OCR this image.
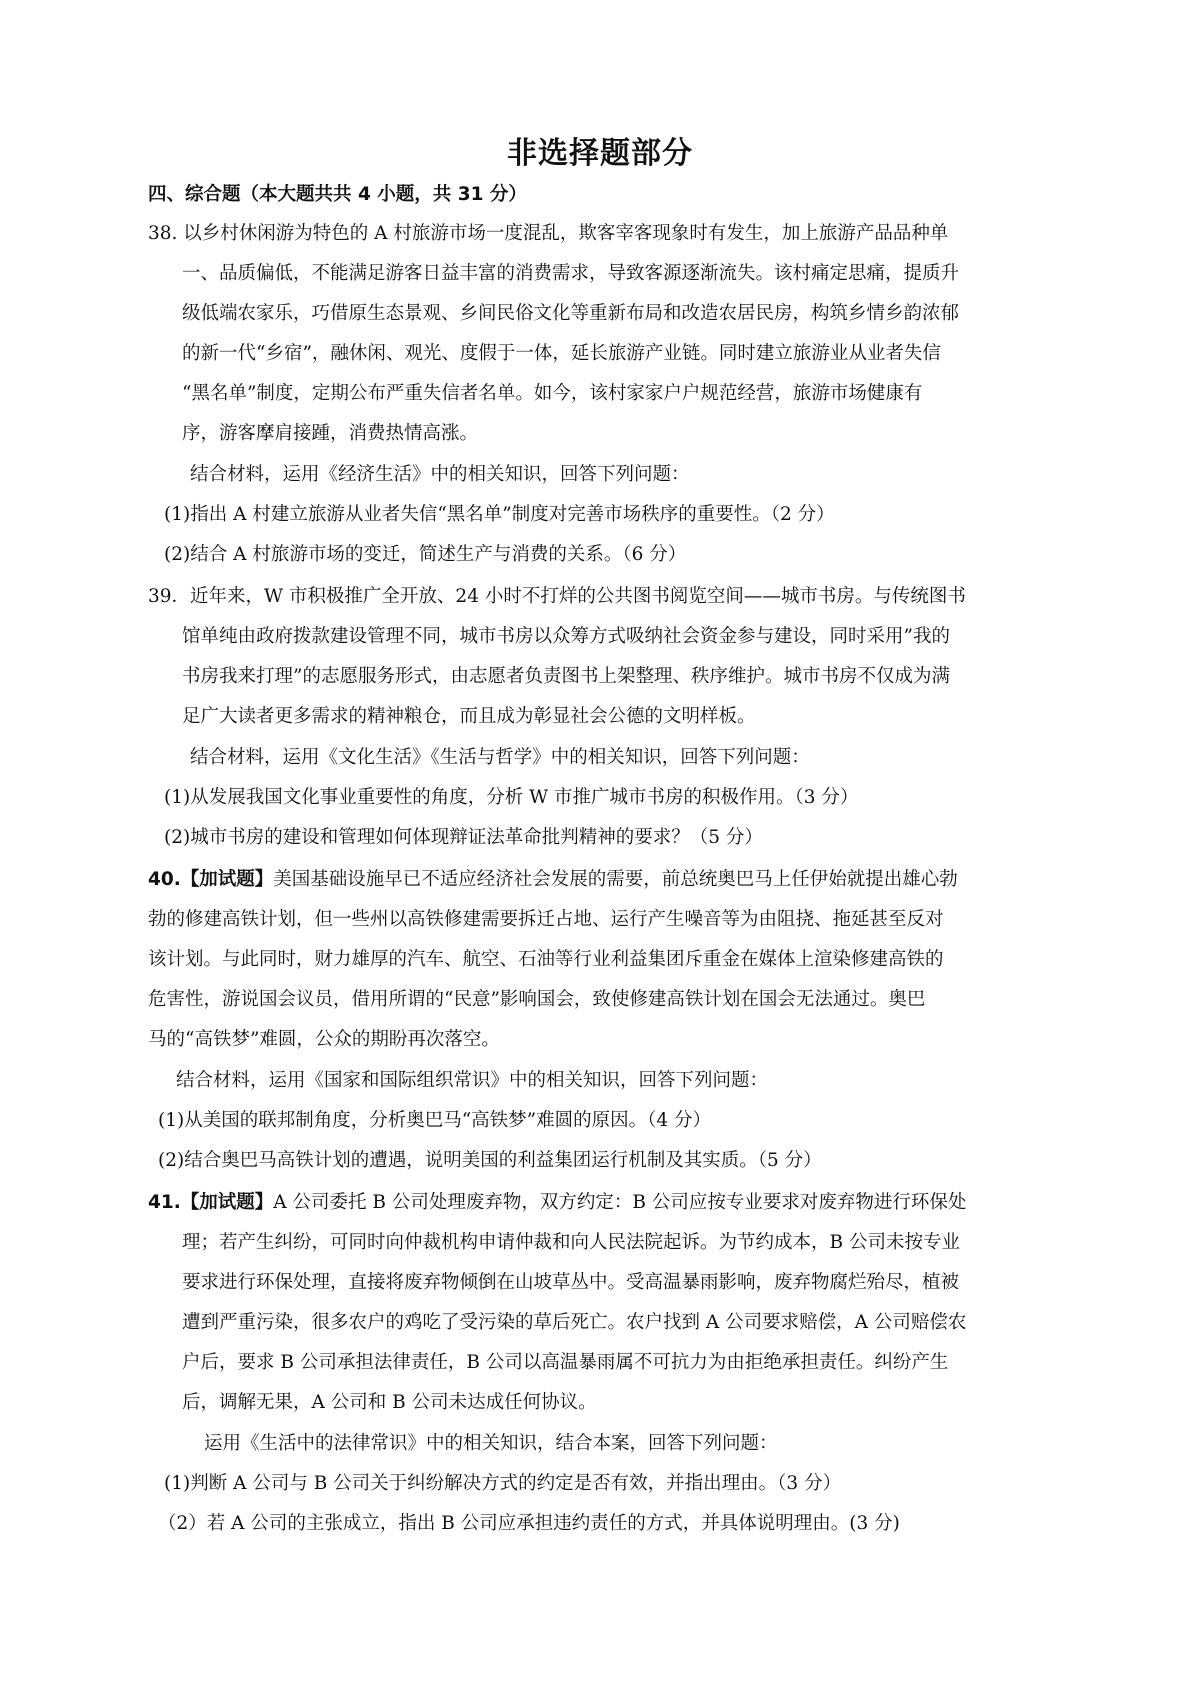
非选择题部分
四、综合题（本大题共共 4 小题，共 31 分）
38. 以乡村休闲游为特色的 A 村旅游市场一度混乱，欺客宰客现象时有发生，加上旅游产品品种单
一、品质偏低，不能满足游客日益丰富的消费需求，导致客源逐渐流失。该村痛定思痛，提质升
级低端农家乐，巧借原生态景观、乡间民俗文化等重新布局和改造农居民房，构筑乡情乡韵浓郁
的新一代“乡宿”，融休闲、观光、度假于一体，延长旅游产业链。同时建立旅游业从业者失信
“黑名单”制度，定期公布严重失信者名单。如今，该村家家户户规范经营，旅游市场健康有
序，游客摩肩接踵，消费热情高涨。
结合材料，运用《经济生活》中的相关知识，回答下列问题：
(1)指出 A 村建立旅游从业者失信“黑名单”制度对完善市场秩序的重要性。（2 分）
(2)结合 A 村旅游市场的变迁，简述生产与消费的关系。（6 分）
39．近年来，W 市积极推广全开放、24 小时不打烊的公共图书阅览空间——城市书房。与传统图书
馆单纯由政府拨款建设管理不同，城市书房以众筹方式吸纳社会资金参与建设，同时采用”我的
书房我来打理”的志愿服务形式，由志愿者负责图书上架整理、秩序维护。城市书房不仅成为满
足广大读者更多需求的精神粮仓，而且成为彰显社会公德的文明样板。
结合材料，运用《文化生活》《生活与哲学》中的相关知识，回答下列问题：
(1)从发展我国文化事业重要性的角度，分析 W 市推广城市书房的积极作用。（3 分）
(2)城市书房的建设和管理如何体现辩证法革命批判精神的要求？（5 分）
40.【加试题】美国基础设施早已不适应经济社会发展的需要，前总统奥巴马上任伊始就提出雄心勃
勃的修建高铁计划，但一些州以高铁修建需要拆迁占地、运行产生噪音等为由阻挠、拖延甚至反对
该计划。与此同时，财力雄厚的汽车、航空、石油等行业利益集团斥重金在媒体上渲染修建高铁的
危害性，游说国会议员，借用所谓的“民意”影响国会，致使修建高铁计划在国会无法通过。奥巴
马的“高铁梦”难圆，公众的期盼再次落空。
结合材料，运用《国家和国际组织常识》中的相关知识，回答下列问题：
(1)从美国的联邦制角度，分析奥巴马“高铁梦”难圆的原因。（4 分）
(2)结合奥巴马高铁计划的遭遇，说明美国的利益集团运行机制及其实质。（5 分）
41.【加试题】A 公司委托 B 公司处理废弃物，双方约定：B 公司应按专业要求对废弃物进行环保处
理；若产生纠纷，可同时向仲裁机构申请仲裁和向人民法院起诉。为节约成本，B 公司未按专业
要求进行环保处理，直接将废弃物倾倒在山坡草丛中。受高温暴雨影响，废弃物腐烂殆尽，植被
遭到严重污染，很多农户的鸡吃了受污染的草后死亡。农户找到 A 公司要求赔偿，A 公司赔偿农
户后，要求 B 公司承担法律责任，B 公司以高温暴雨属不可抗力为由拒绝承担责任。纠纷产生
后，调解无果，A 公司和 B 公司未达成任何协议。
运用《生活中的法律常识》中的相关知识，结合本案，回答下列问题：
(1)判断 A 公司与 B 公司关于纠纷解决方式的约定是否有效，并指出理由。（3 分）
（2）若 A 公司的主张成立，指出 B 公司应承担违约责任的方式，并具体说明理由。(3 分)
